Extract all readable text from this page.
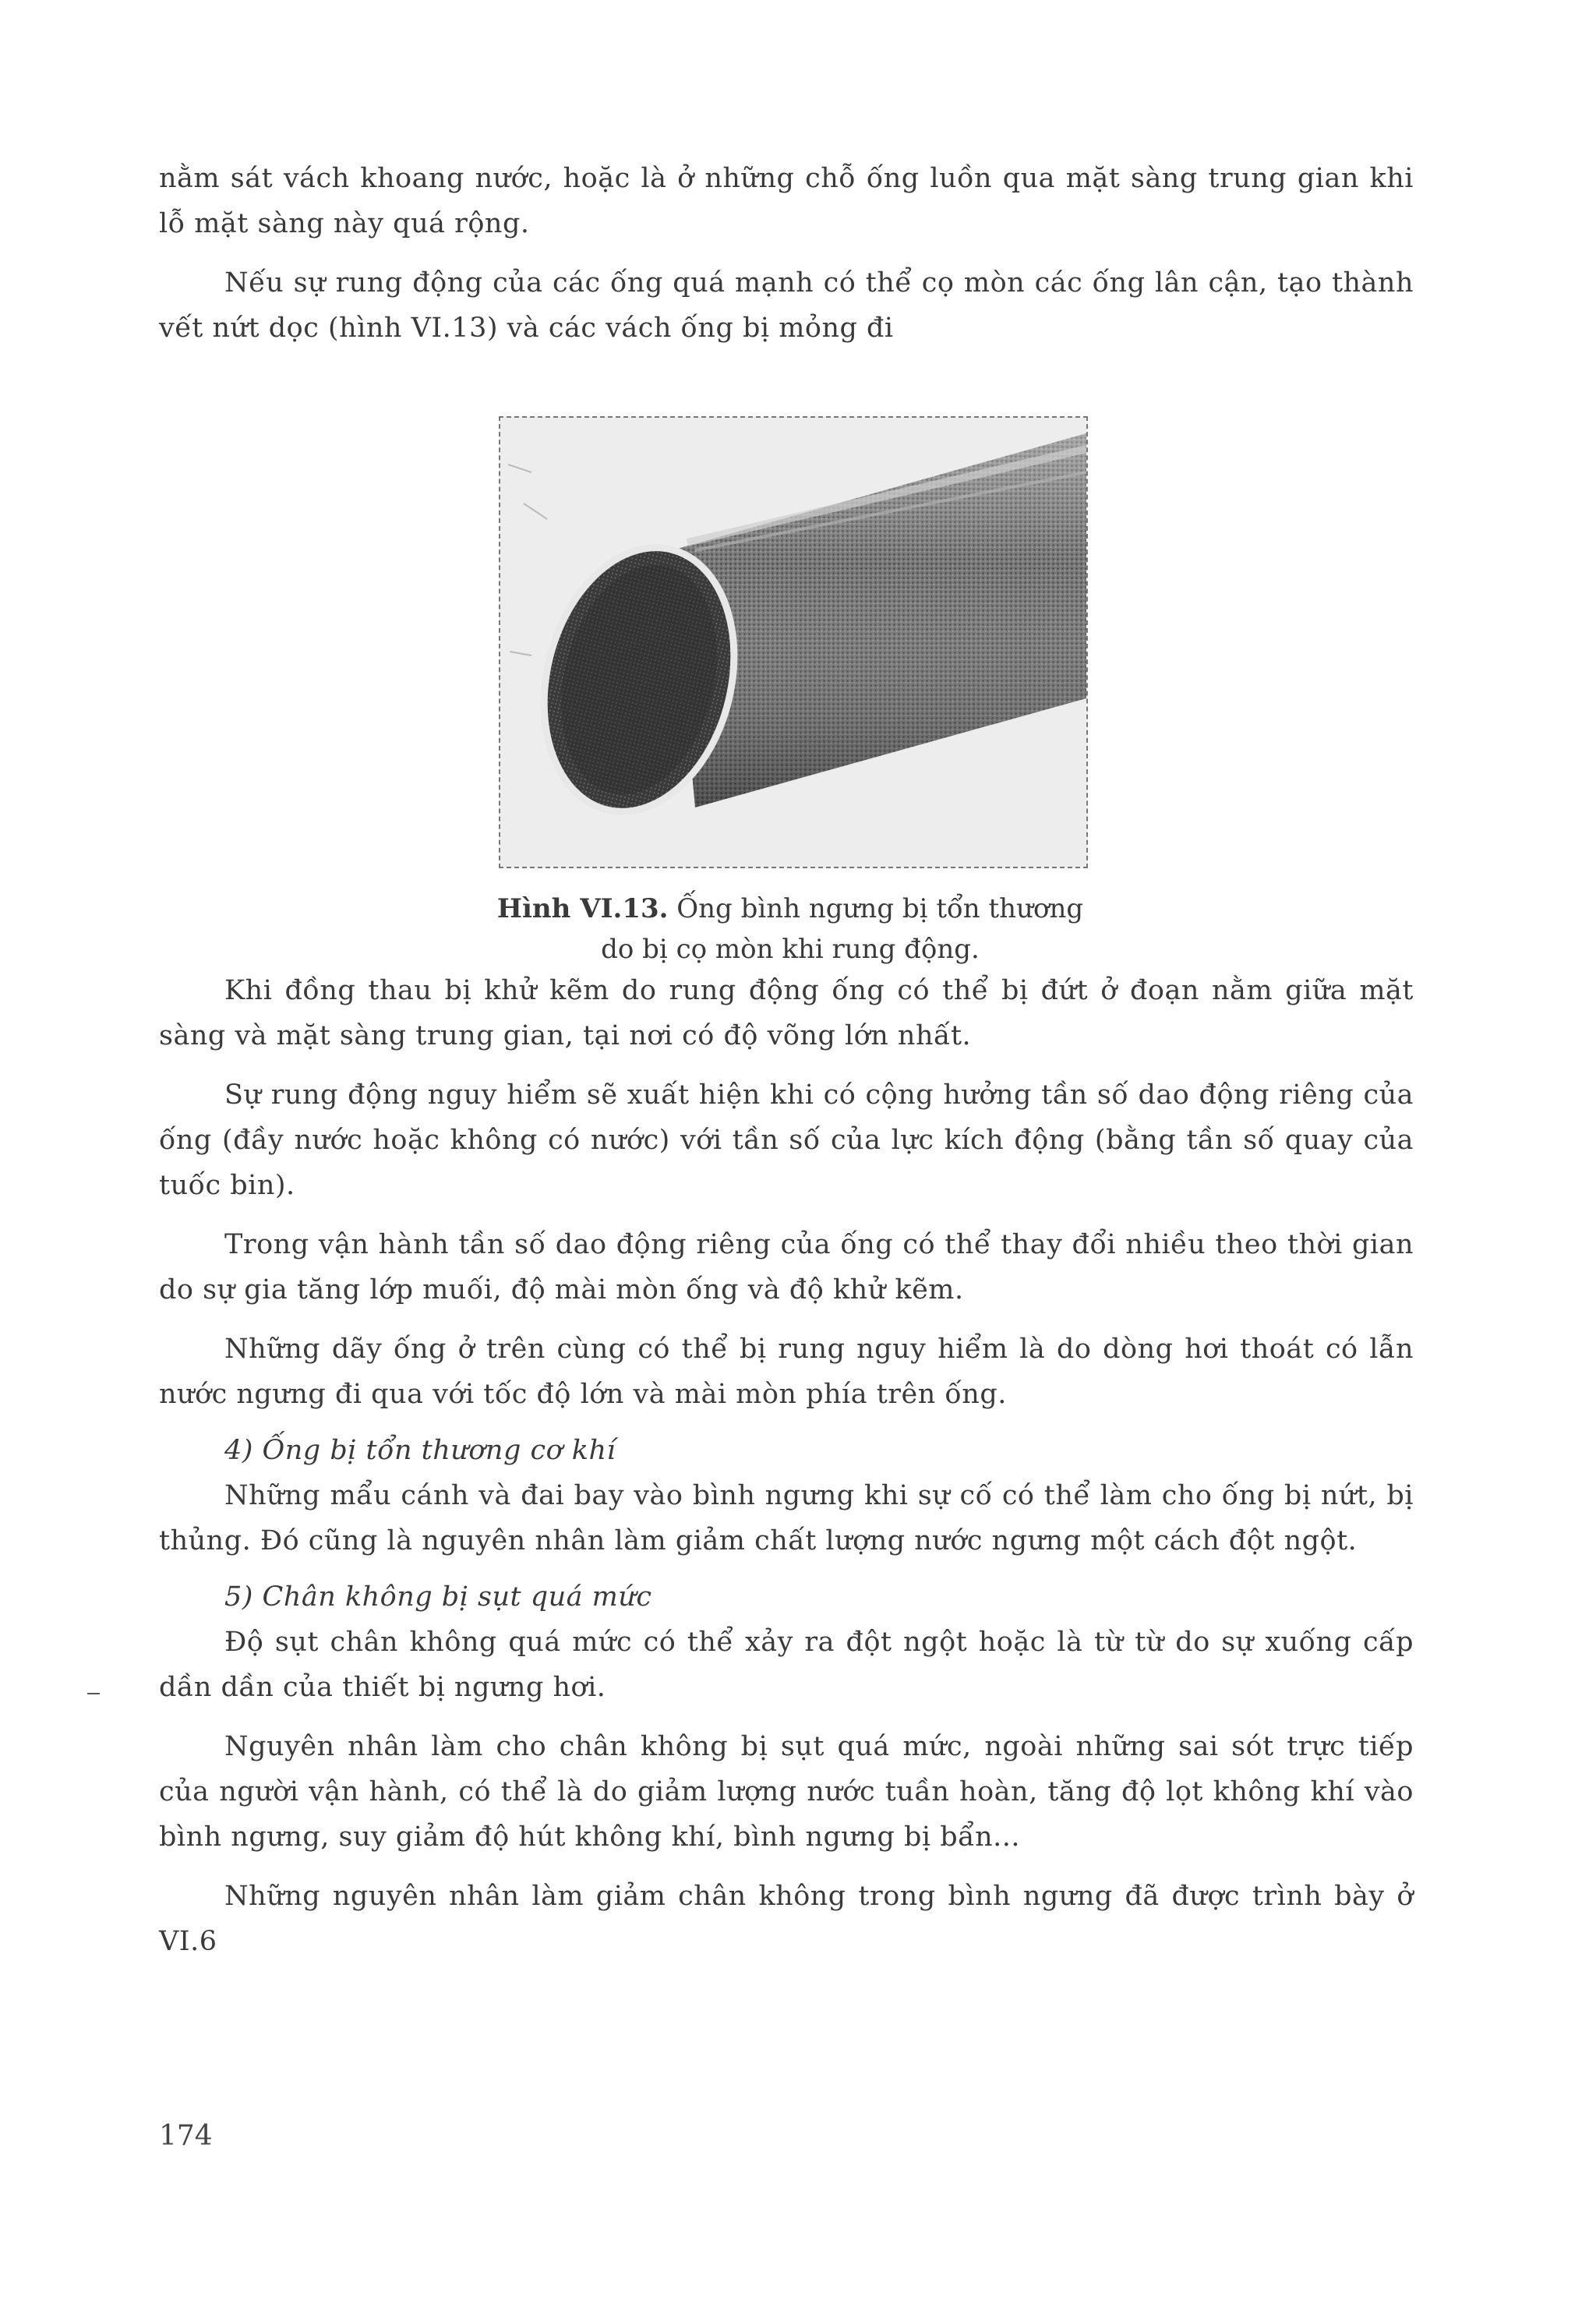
nằm sát vách khoang nước, hoặc là ở những chỗ ống luồn qua mặt sàng trung gian khi lỗ mặt sàng này quá rộng.

Nếu sự rung động của các ống quá mạnh có thể cọ mòn các ống lân cận, tạo thành vết nứt dọc (hình VI.13) và các vách ống bị mỏng đi

Hình VI.13. Ống bình ngưng bị tổn thương do bị cọ mòn khi rung động.

Khi đồng thau bị khử kẽm do rung động ống có thể bị đứt ở đoạn nằm giữa mặt sàng và mặt sàng trung gian, tại nơi có độ võng lớn nhất.

Sự rung động nguy hiểm sẽ xuất hiện khi có cộng hưởng tần số dao động riêng của ống (đầy nước hoặc không có nước) với tần số của lực kích động (bằng tần số quay của tuốc bin).

Trong vận hành tần số dao động riêng của ống có thể thay đổi nhiều theo thời gian do sự gia tăng lớp muối, độ mài mòn ống và độ khử kẽm.

Những dãy ống ở trên cùng có thể bị rung nguy hiểm là do dòng hơi thoát có lẫn nước ngưng đi qua với tốc độ lớn và mài mòn phía trên ống.

4) Ống bị tổn thương cơ khí

Những mẩu cánh và đai bay vào bình ngưng khi sự cố có thể làm cho ống bị nứt, bị thủng. Đó cũng là nguyên nhân làm giảm chất lượng nước ngưng một cách đột ngột.

5) Chân không bị sụt quá mức

Độ sụt chân không quá mức có thể xảy ra đột ngột hoặc là từ từ do sự xuống cấp dần dần của thiết bị ngưng hơi.

Nguyên nhân làm cho chân không bị sụt quá mức, ngoài những sai sót trực tiếp của người vận hành, có thể là do giảm lượng nước tuần hoàn, tăng độ lọt không khí vào bình ngưng, suy giảm độ hút không khí, bình ngưng bị bẩn...

Những nguyên nhân làm giảm chân không trong bình ngưng đã được trình bày ở VI.6

174
